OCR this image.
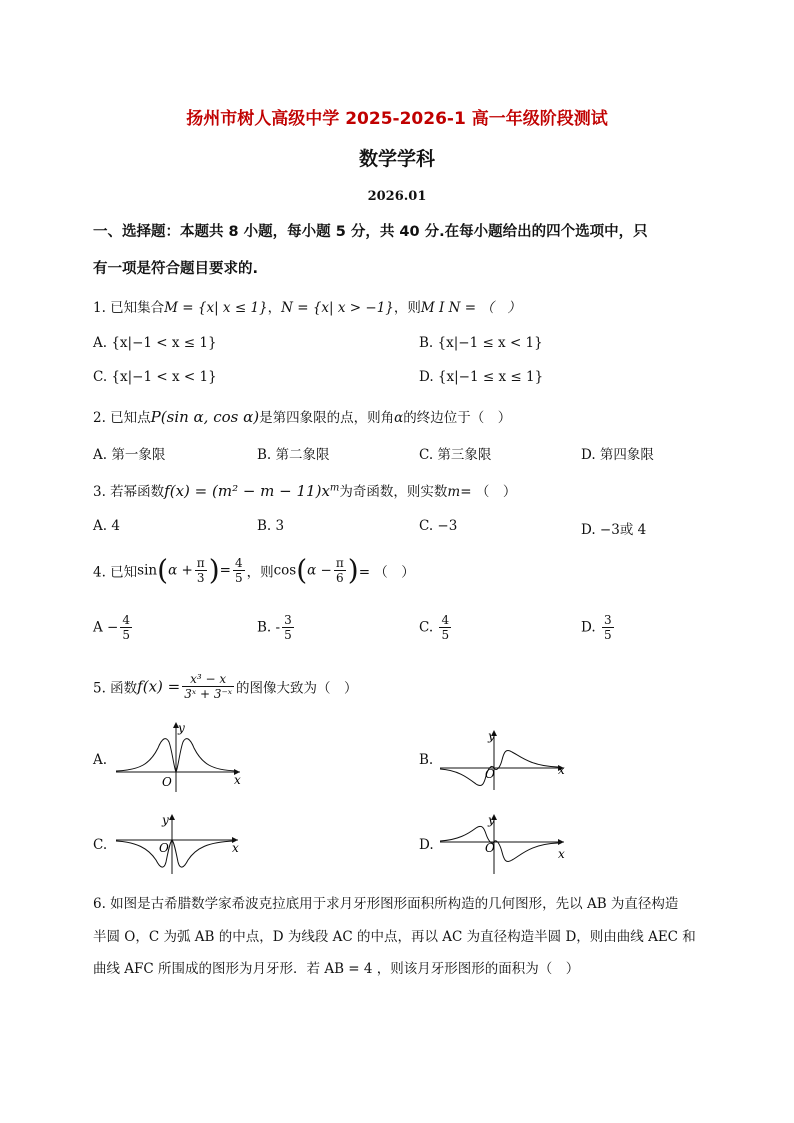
扬州市树人高级中学 2025-2026-1 高一年级阶段测试
数学学科
2026.01
一、选择题：本题共 8 小题，每小题 5 分，共 40 分.在每小题给出的四个选项中，只
有一项是符合题目要求的.
1. 已知集合M = {x| x ≤ 1}，N = {x| x > −1}，则M I N = （　）
A. {x|−1 < x ≤ 1}	B. {x|−1 ≤ x < 1}
C. {x|−1 < x < 1}	D. {x|−1 ≤ x ≤ 1}
2. 已知点P(sin α, cos α)是第四象限的点，则角α的终边位于（　）
A. 第一象限	B. 第二象限	C. 第三象限	D. 第四象限
3. 若幂函数$f(x) = (m^2 - m - 11)x^m$为奇函数，则实数m= （　）
A. 4	B. 3	C. −3	D. −3或 4
4. 已知$\sin(\alpha + \frac{\pi}{3}$ )= $\frac{4}{5}$ ，则$\cos(\alpha - \frac{\pi}{6}$ )= （　）
$A - \frac{4}{5}$	B. - $\frac{3}{5}$	C. $\frac{4}{5}$	D. $\frac{3}{5}$
5. 函数$f(x) = \frac{\text{x³ − x}}{\text{3ˣ + 3⁻ˣ}}$ 的图像大致为（　）
A.	B.
C.	D.
y
x
O
y
x
O
y
x
O
y
x
O
6. 如图是古希腊数学家希波克拉底用于求月牙形图形面积所构造的几何图形，先以 AB 为直径构造
半圆 O，C 为弧 AB 的中点，D 为线段 AC 的中点，再以 AC 为直径构造半圆 D，则由曲线 AEC 和
曲线 AFC 所围成的图形为月牙形．若 AB = 4 ，则该月牙形图形的面积为（　）
